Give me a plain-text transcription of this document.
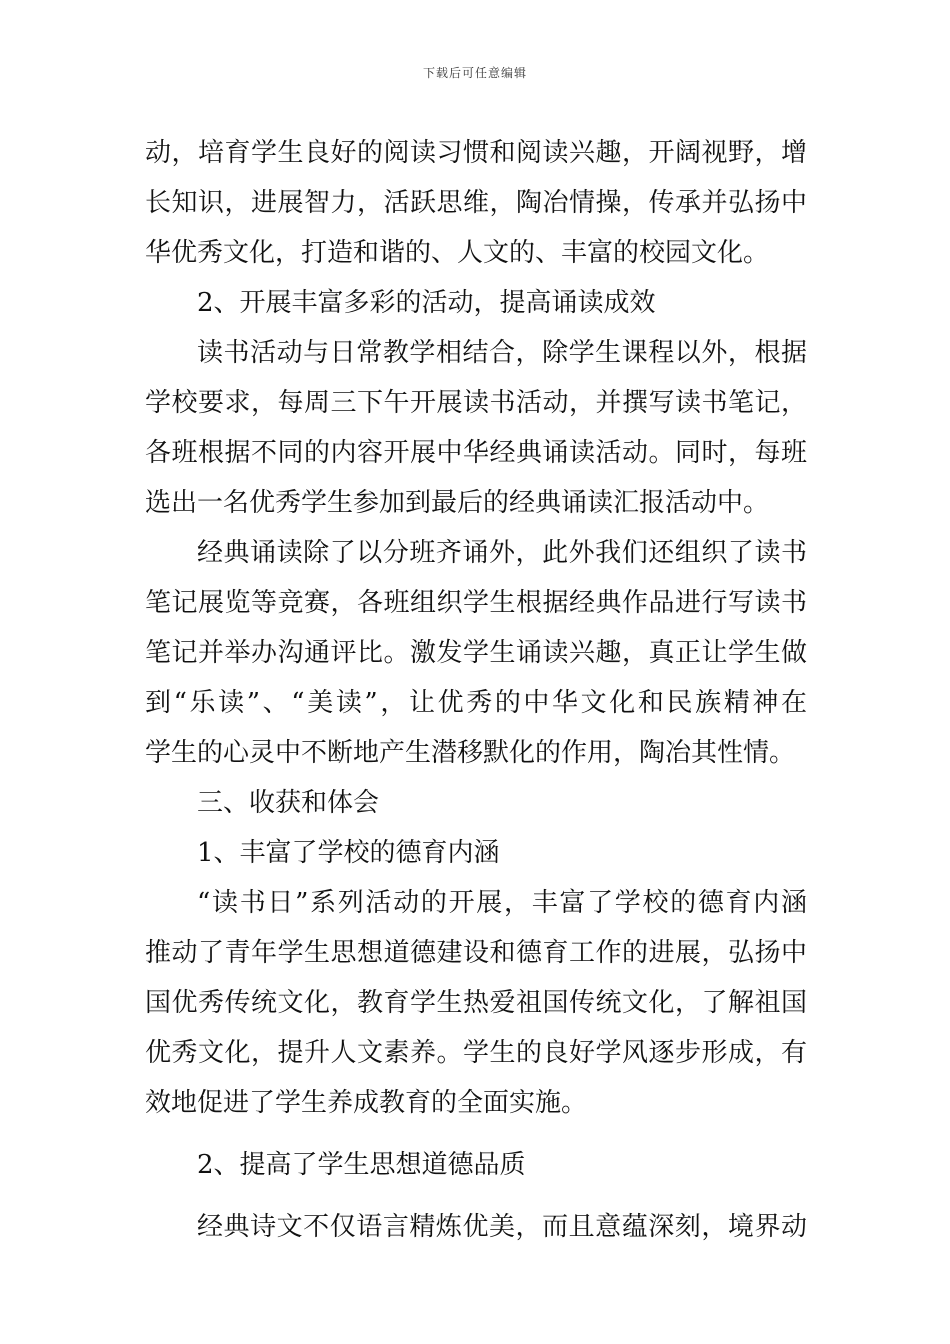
下载后可任意编辑
动，培育学生良好的阅读习惯和阅读兴趣，开阔视野，增
长知识，进展智力，活跃思维，陶冶情操，传承并弘扬中
华优秀文化，打造和谐的、人文的、丰富的校园文化。
2、开展丰富多彩的活动，提高诵读成效
读书活动与日常教学相结合，除学生课程以外，根据
学校要求，每周三下午开展读书活动，并撰写读书笔记，
各班根据不同的内容开展中华经典诵读活动。同时，每班
选出一名优秀学生参加到最后的经典诵读汇报活动中。
经典诵读除了以分班齐诵外，此外我们还组织了读书
笔记展览等竞赛，各班组织学生根据经典作品进行写读书
笔记并举办沟通评比。激发学生诵读兴趣，真正让学生做
到“乐读”、“美读”，让优秀的中华文化和民族精神在
学生的心灵中不断地产生潜移默化的作用，陶冶其性情。
三、收获和体会
1、丰富了学校的德育内涵
“读书日”系列活动的开展，丰富了学校的德育内涵
推动了青年学生思想道德建设和德育工作的进展，弘扬中
国优秀传统文化，教育学生热爱祖国传统文化，了解祖国
优秀文化，提升人文素养。学生的良好学风逐步形成，有
效地促进了学生养成教育的全面实施。
2、提高了学生思想道德品质
经典诗文不仅语言精炼优美，而且意蕴深刻，境界动
